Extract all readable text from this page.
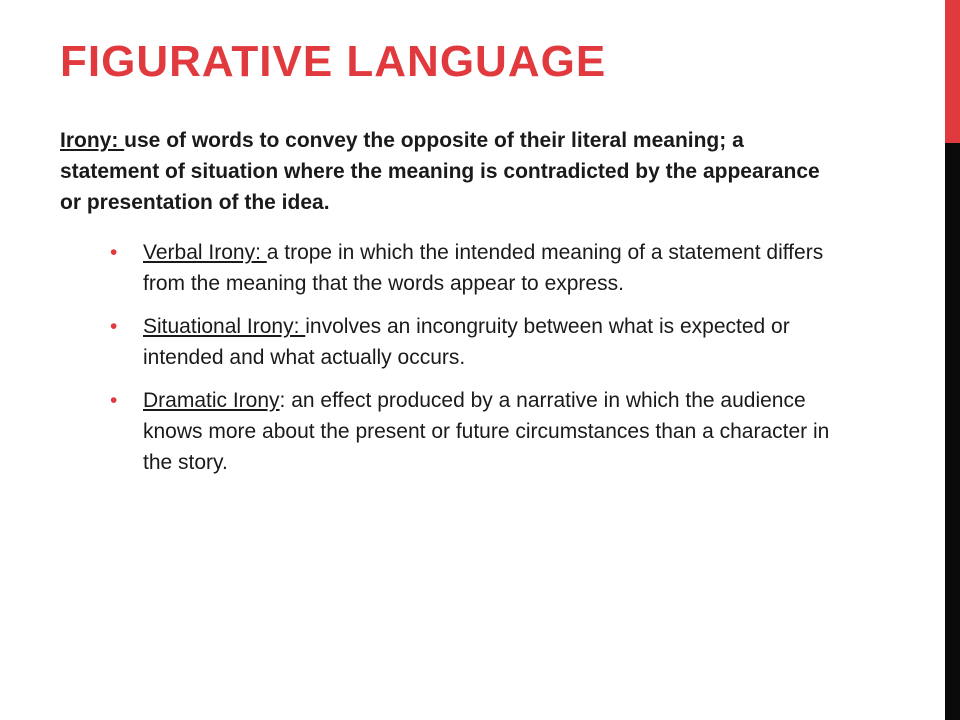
FIGURATIVE LANGUAGE

Irony: use of words to convey the opposite of their literal meaning; a statement of situation where the meaning is contradicted by the appearance or presentation of the idea.

• Verbal Irony: a trope in which the intended meaning of a statement differs from the meaning that the words appear to express.
• Situational Irony: involves an incongruity between what is expected or intended and what actually occurs.
• Dramatic Irony: an effect produced by a narrative in which the audience knows more about the present or future circumstances than a character in the story.
